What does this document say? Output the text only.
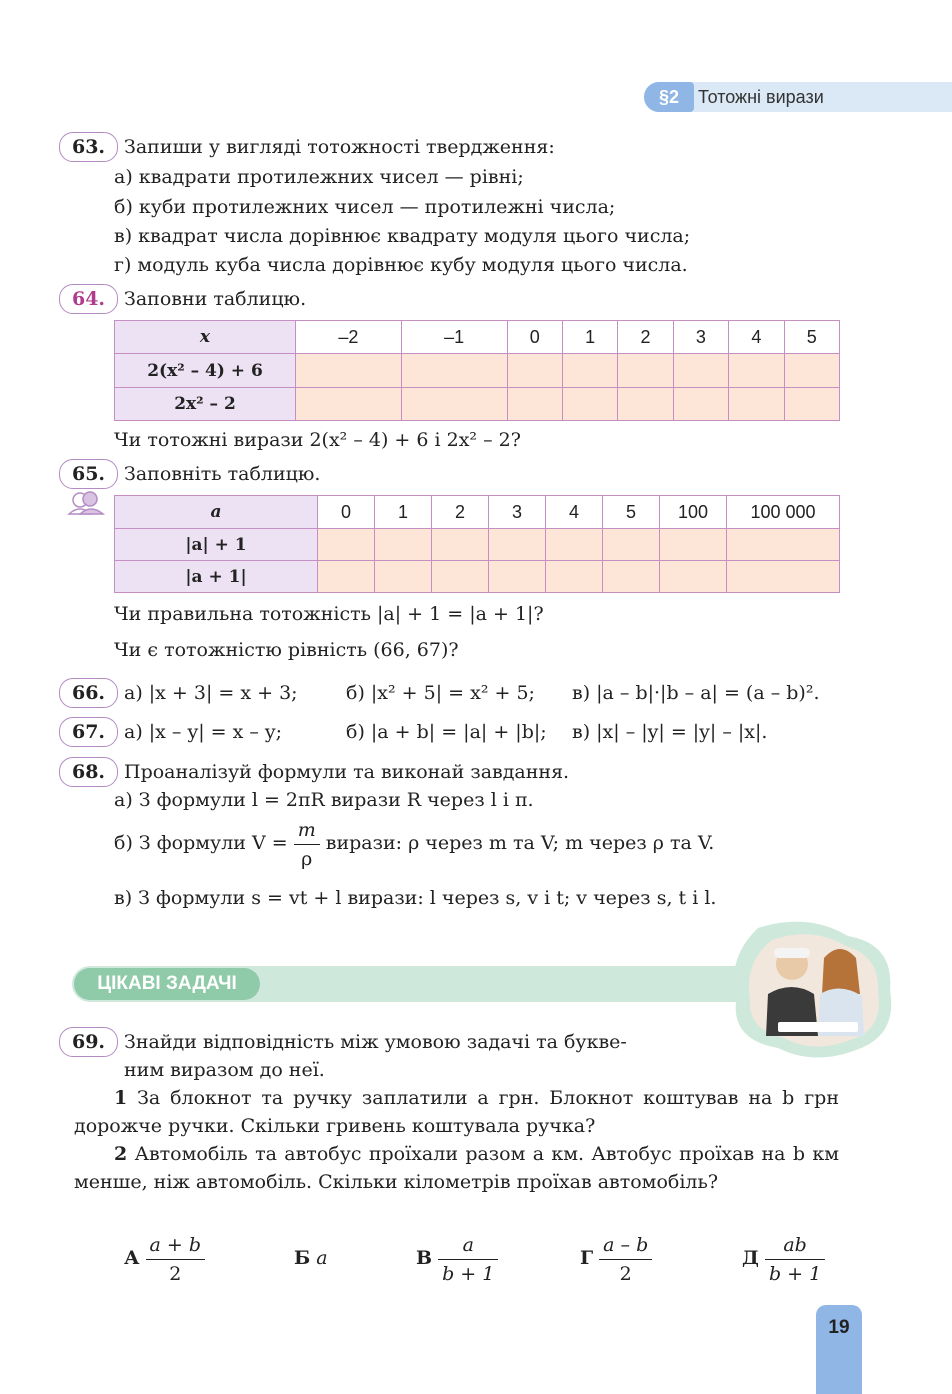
§2	Тотожні вирази
63. Запиши у вигляді тотожності твердження:
а) квадрати протилежних чисел — рівні;
б) куби протилежних чисел — протилежні числа;
в) квадрат числа дорівнює квадрату модуля цього числа;
г) модуль куба числа дорівнює кубу модуля цього числа.
64. Заповни таблицю.
x	–2	–1	0	1	2	3	4	5
2(x² – 4) + 6								
2x² – 2								
Чи тотожні вирази 2(x² – 4) + 6 і 2x² – 2?
65. Заповніть таблицю.
a	0	1	2	3	4	5	100	100 000
|a| + 1								
|a + 1|								
Чи правильна тотожність |a| + 1 = |a + 1|?
Чи є тотожністю рівність (66, 67)?
66. а) |x + 3| = x + 3;	б) |x² + 5| = x² + 5; в) |a – b|·|b – a| = (a – b)².
67. а) |x – y| = x – y;	б) |a + b| = |a| + |b|; в) |x| – |y| = |y| – |x|.
68. Проаналізуй формули та виконай завдання.
а) З формули l = 2πR вирази R через l і π.
б) З формули $V = \frac{m}{\rho}$ вирази: ρ через m та V; m через ρ та V.
в) З формули s = vt + l вирази: l через s, v і t; v через s, t і l.
ЦІКАВІ ЗАДАЧІ
69. Знайди відповідність між умовою задачі та букве-
ним виразом до неї.
1 За блокнот та ручку заплатили a грн. Блокнот коштував на b грн дорожче ручки. Скільки гривень коштувала ручка?
2 Автомобіль та автобус проїхали разом a км. Автобус проїхав на b км менше, ніж автомобіль. Скільки кілометрів проїхав автомобіль?
А $\frac{a + b}{2}$	Б a	В $\frac{a}{b + 1}$	Г $\frac{a - b}{2}$	Д $\frac{ab}{b + 1}$
19
